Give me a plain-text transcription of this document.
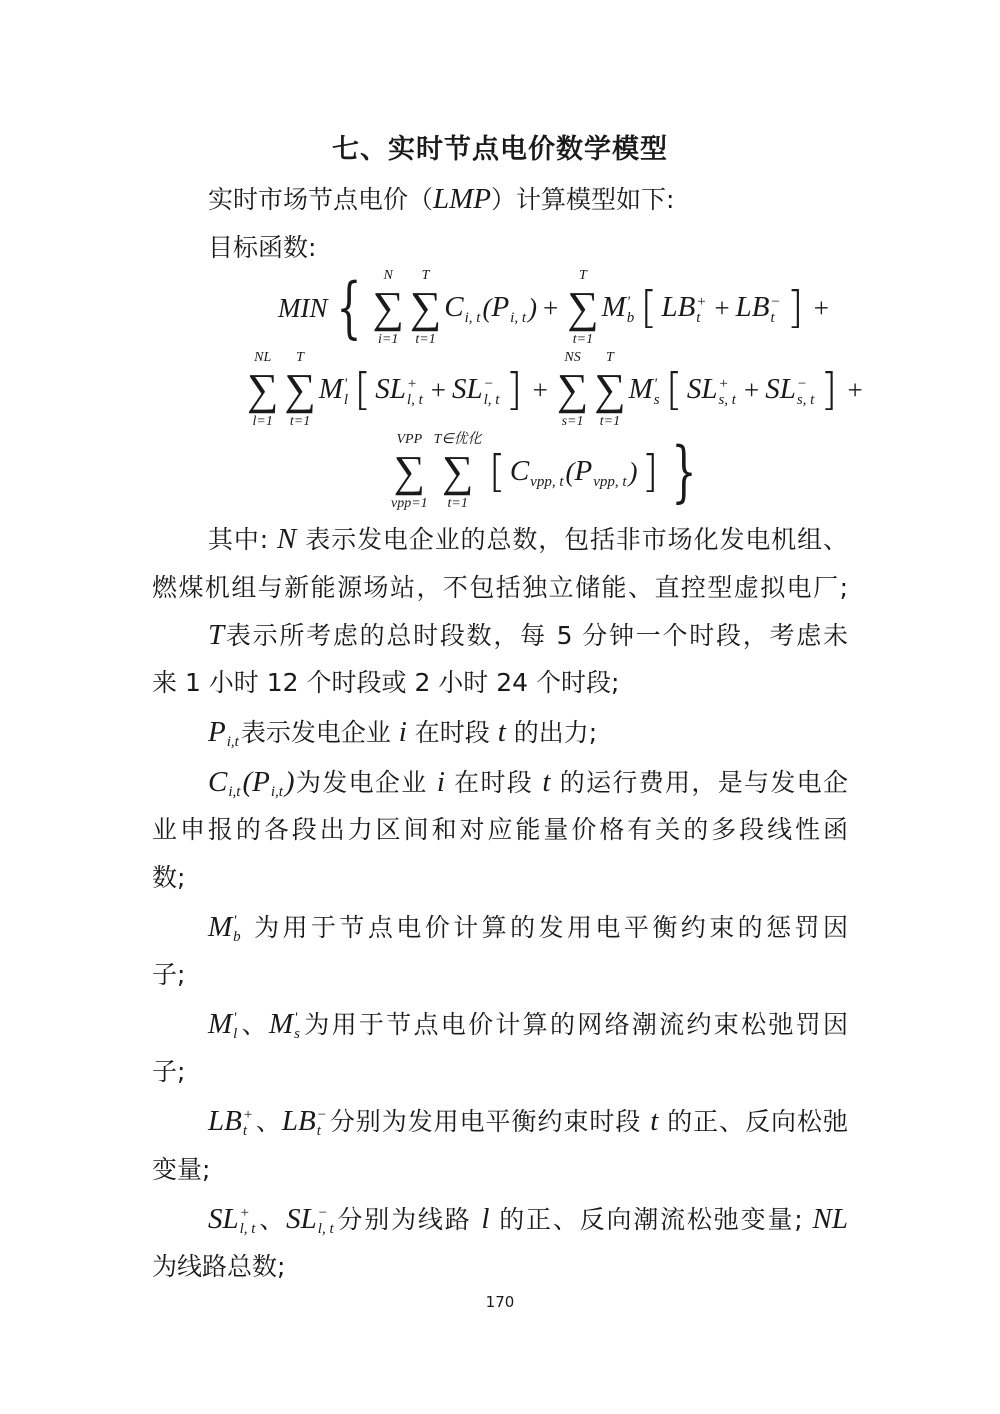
七、实时节点电价数学模型
实时市场节点电价（LMP）计算模型如下:
目标函数:
MIN { N
∑
i=1
T
∑
t=1
C
i, t ( P
i, t ) +
T
∑
t=1
M '
b [ LB +
t + LB −
t ] +
NL
∑
l=1
T
∑
t=1
M '
l [ SL +
l, t + SL −
l, t ] +
NS
∑
s=1
T
∑
t=1
M '
s [ SL +
s, t + SL −
s, t ] +
VPP
∑
vpp=1
T∈优化
∑
t=1
[ C
vpp, t ( P
vpp, t ) ] }
其中: N 表示发电企业的总数，包括非市场化发电机组、
燃煤机组与新能源场站，不包括独立储能、直控型虚拟电厂;
T表示所考虑的总时段数，每 5 分钟一个时段，考虑未
来 1 小时 12 个时段或 2 小时 24 个时段;
P
i,t 表示发电企业 i 在时段 t 的出力;
C
i,t (P
i,t )为发电企业 i 在时段 t 的运行费用，是与发电企
业申报的各段出力区间和对应能量价格有关的多段线性函
数;
M '
b 为用于节点电价计算的发用电平衡约束的惩罚因
子;
M '
l 、M '
s 为用于节点电价计算的网络潮流约束松弛罚因
子;
LB +
t 、LB −
t 分别为发用电平衡约束时段 t 的正、反向松弛
变量;
SL +
l, t 、SL −
l, t 分别为线路 l 的正、反向潮流松弛变量; NL
为线路总数;
170
